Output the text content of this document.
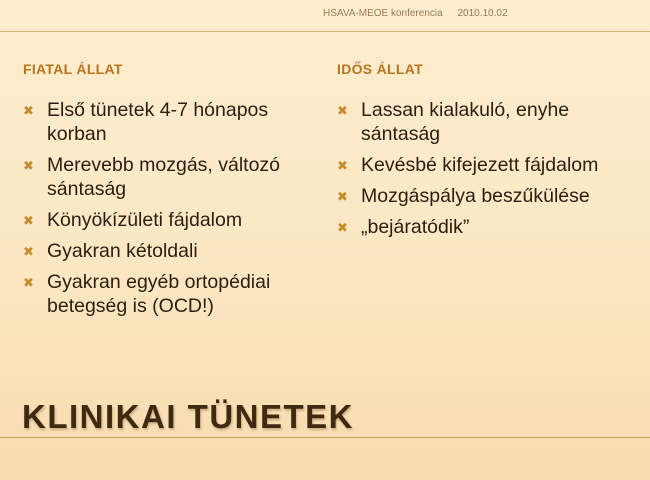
HSAVA-MEOE konferencia 2010.10.02
FIATAL ÁLLAT
✖ Első tünetek 4-7 hónapos korban
✖ Merevebb mozgás, változó sántaság
✖ Könyökízületi fájdalom
✖ Gyakran kétoldali
✖ Gyakran egyéb ortopédiai betegség is (OCD!)
IDŐS ÁLLAT
✖ Lassan kialakuló, enyhe sántaság
✖ Kevésbé kifejezett fájdalom
✖ Mozgáspálya beszűkülése
✖ „bejáratódik”
KLINIKAI TÜNETEK
